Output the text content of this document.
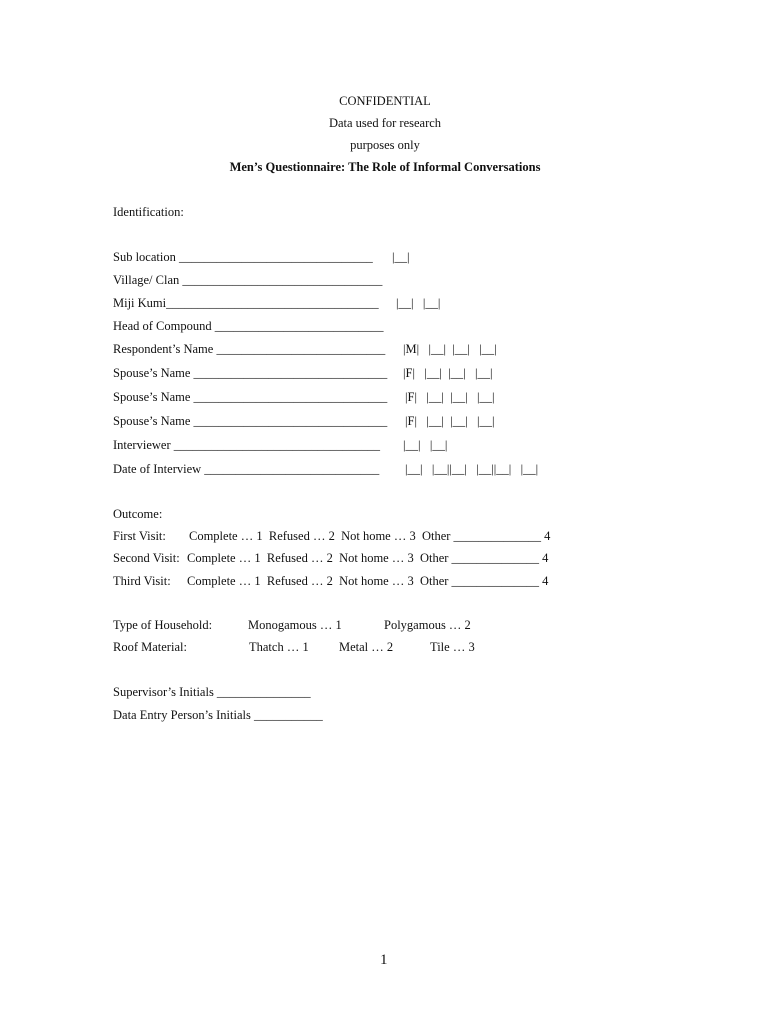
CONFIDENTIAL
Data used for research
purposes only
Men’s Questionnaire: The Role of Informal Conversations
Identification:
Sub location _______________________________ |__|
Village/ Clan ________________________________
Miji Kumi__________________________________ |__|   |__|
Head of Compound ___________________________
Respondent’s Name ___________________________ |M|   |__|  |__|   |__|
Spouse’s Name _______________________________ |F|   |__|  |__|   |__|
Spouse’s Name _______________________________ |F|   |__|  |__|   |__|
Spouse’s Name _______________________________ |F|   |__|  |__|   |__|
Interviewer _________________________________ |__|   |__|
Date of Interview ____________________________ |__|   |__||__|   |__||__|   |__|
Outcome:
First Visit: Complete … 1  Refused … 2  Not home … 3  Other ______________ 4
Second Visit: Complete … 1  Refused … 2  Not home … 3  Other ______________ 4
Third Visit: Complete … 1  Refused … 2  Not home … 3  Other ______________ 4
Type of Household:	Monogamous … 1	Polygamous … 2
Roof Material:	Thatch … 1 Metal … 2	Tile … 3
Supervisor’s Initials _______________
Data Entry Person’s Initials ___________
1
